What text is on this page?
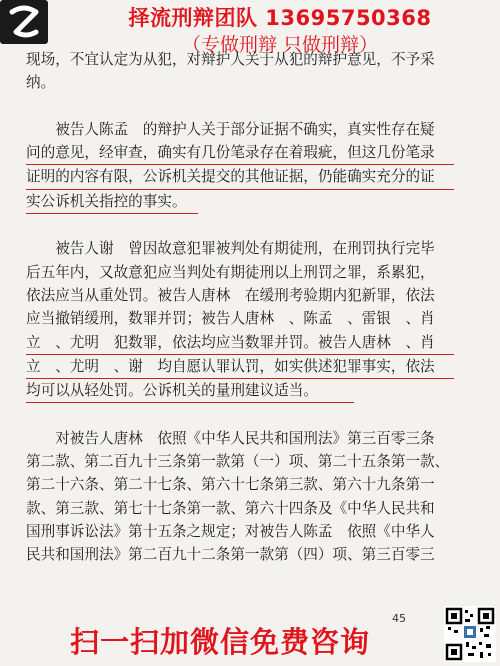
择流刑辩团队 13695750368
（专做刑辩 只做刑辩）
现场，不宜认定为从犯，对辩护人关于从犯的辩护意见，不予采
纳。
　　被告人陈孟　的辩护人关于部分证据不确实，真实性存在疑
问的意见，经审查，确实有几份笔录存在着瑕疵，但这几份笔录
证明的内容有限，公诉机关提交的其他证据，仍能确实充分的证
实公诉机关指控的事实。
　　被告人谢　曾因故意犯罪被判处有期徒刑，在刑罚执行完毕
后五年内，又故意犯应当判处有期徒刑以上刑罚之罪，系累犯，
依法应当从重处罚。被告人唐林　在缓刑考验期内犯新罪，依法
应当撤销缓刑，数罪并罚；被告人唐林　、陈孟　、雷银　、肖
立　、尤明　犯数罪，依法均应当数罪并罚。被告人唐林　、肖
立　、尤明　、谢　均自愿认罪认罚，如实供述犯罪事实，依法
均可以从轻处罚。公诉机关的量刑建议适当。
　　对被告人唐林　依照《中华人民共和国刑法》第三百零三条
第二款、第二百九十三条第一款第（一）项、第二十五条第一款、
第二十六条、第二十七条、第六十七条第三款、第六十九条第一
款、第三款、第七十七条第一款、第六十四条及《中华人民共和
国刑事诉讼法》第十五条之规定；对被告人陈孟　依照《中华人
民共和国刑法》第二百九十二条第一款第（四）项、第三百零三
45
扫一扫加微信免费咨询
